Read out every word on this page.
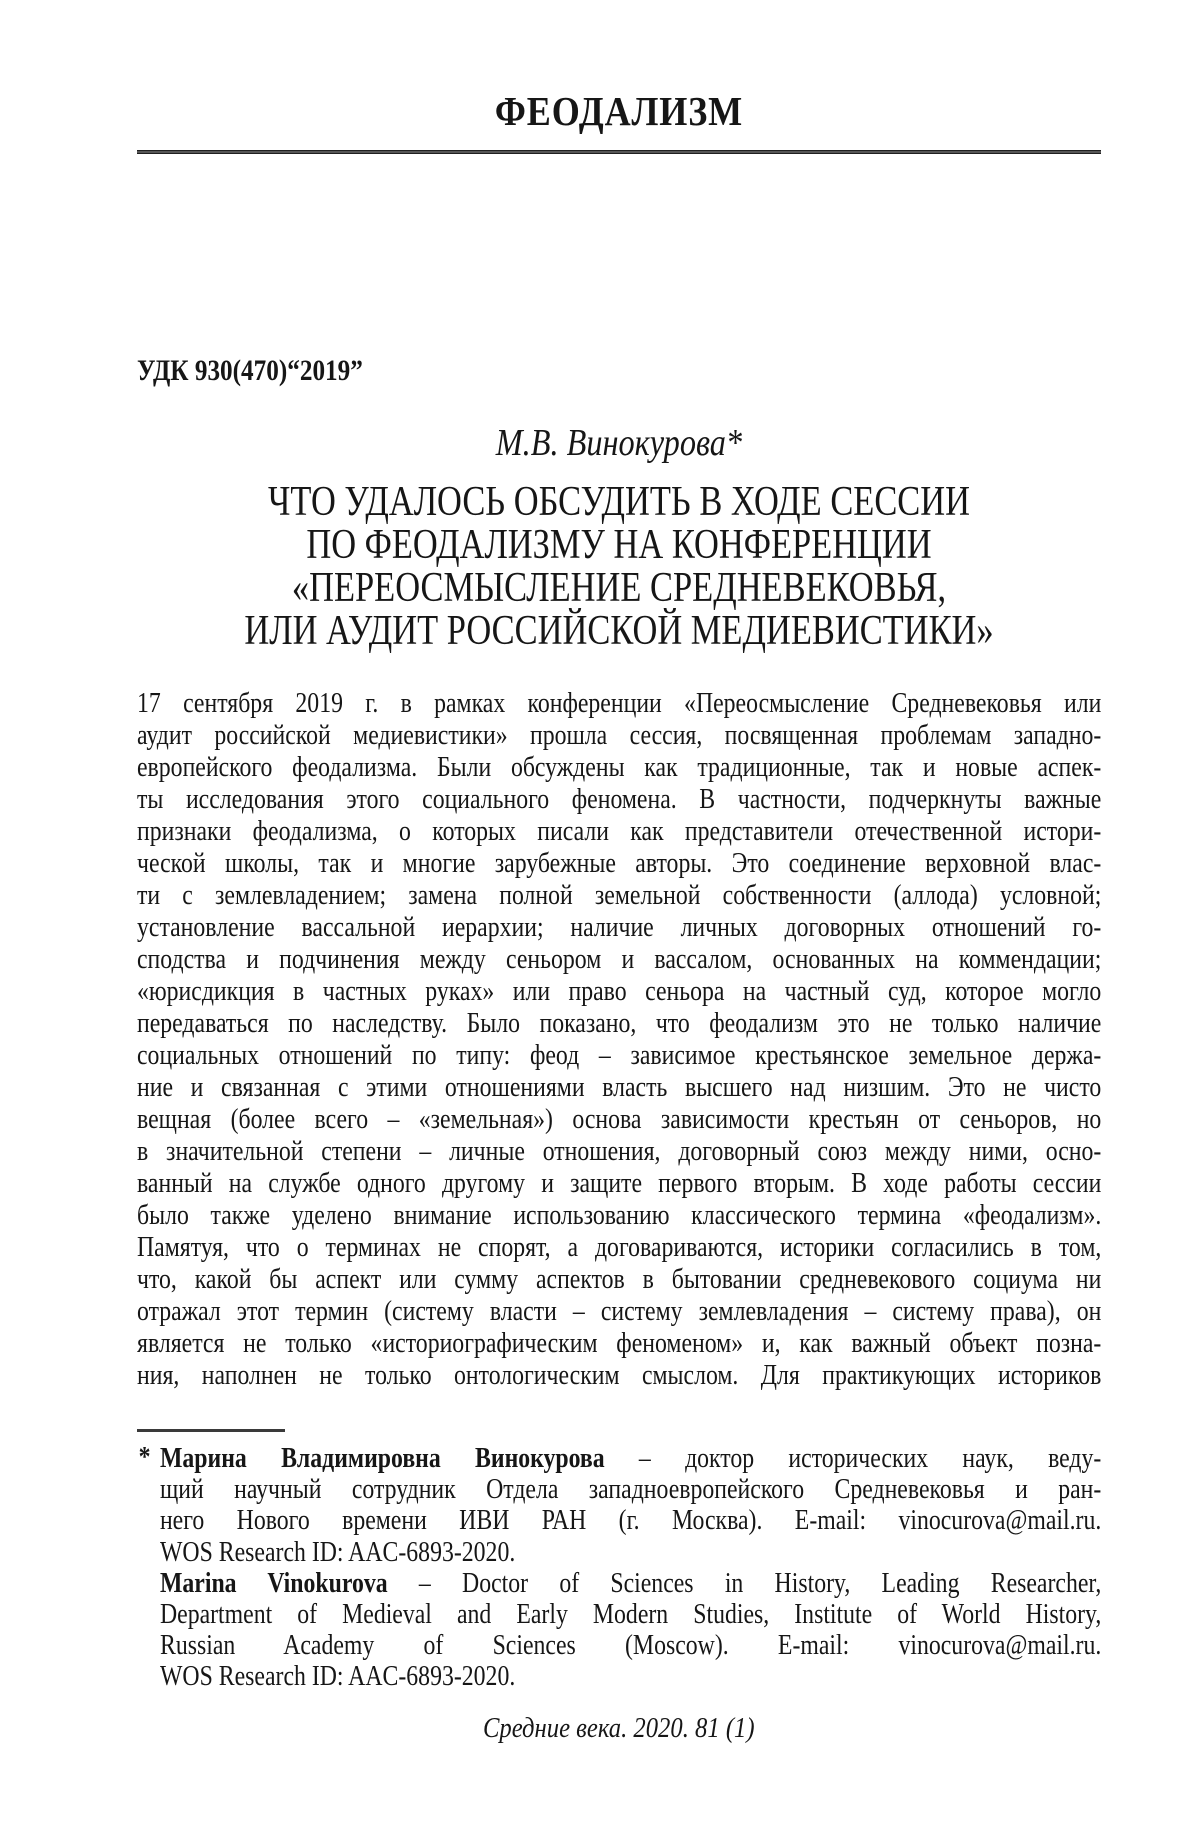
ФЕОДАЛИЗМ
УДК 930(470)“2019”
М.В. Винокурова*
ЧТО УДАЛОСЬ ОБСУДИТЬ В ХОДЕ СЕССИИ
ПО ФЕОДАЛИЗМУ НА КОНФЕРЕНЦИИ
«ПЕРЕОСМЫСЛЕНИЕ СРЕДНЕВЕКОВЬЯ,
ИЛИ АУДИТ РОССИЙСКОЙ МЕДИЕВИСТИКИ»
17 сентября 2019 г. в рамках конференции «Переосмысление Средневековья или
аудит российской медиевистики» прошла сессия, посвященная проблемам западно-
европейского феодализма. Были обсуждены как традиционные, так и новые аспек-
ты исследования этого социального феномена. В частности, подчеркнуты важные
признаки феодализма, о которых писали как представители отечественной истори-
ческой школы, так и многие зарубежные авторы. Это соединение верховной влас-
ти с землевладением; замена полной земельной собственности (аллода) условной;
установление вассальной иерархии; наличие личных договорных отношений го-
сподства и подчинения между сеньором и вассалом, основанных на коммендации;
«юрисдикция в частных руках» или право сеньора на частный суд, которое могло
передаваться по наследству. Было показано, что феодализм это не только наличие
социальных отношений по типу: феод – зависимое крестьянское земельное держа-
ние и связанная с этими отношениями власть высшего над низшим. Это не чисто
вещная (более всего – «земельная») основа зависимости крестьян от сеньоров, но
в значительной степени – личные отношения, договорный союз между ними, осно-
ванный на службе одного другому и защите первого вторым. В ходе работы сессии
было также уделено внимание использованию классического термина «феодализм».
Памятуя, что о терминах не спорят, а договариваются, историки согласились в том,
что, какой бы аспект или сумму аспектов в бытовании средневекового социума ни
отражал этот термин (систему власти – систему землевладения – систему права), он
является не только «историографическим феноменом» и, как важный объект позна-
ния, наполнен не только онтологическим смыслом. Для практикующих историков
* Марина Владимировна Винокурова – доктор исторических наук, веду-
щий научный сотрудник Отдела западноевропейского Средневековья и ран-
него Нового времени ИВИ РАН (г. Москва). E-mail: vinocurova@mail.ru.
WOS Research ID: AAC-6893-2020.
Marina Vinokurova – Doctor of Sciences in History, Leading Researcher,
Department of Medieval and Early Modern Studies, Institute of World History,
Russian Academy of Sciences (Moscow). E-mail: vinocurova@mail.ru.
WOS Research ID: AAC-6893-2020.
Средние века. 2020. 81 (1)
